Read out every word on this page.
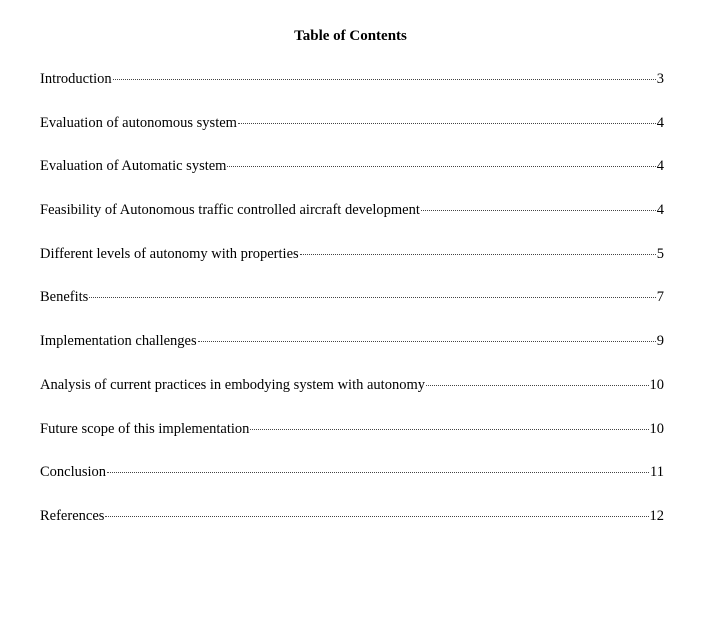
Table of Contents
Introduction	3
Evaluation of autonomous system	4
Evaluation of Automatic system	4
Feasibility of Autonomous traffic controlled aircraft development	4
Different levels of autonomy with properties	5
Benefits	7
Implementation challenges	9
Analysis of current practices in embodying system with autonomy	10
Future scope of this implementation	10
Conclusion	11
References	12
